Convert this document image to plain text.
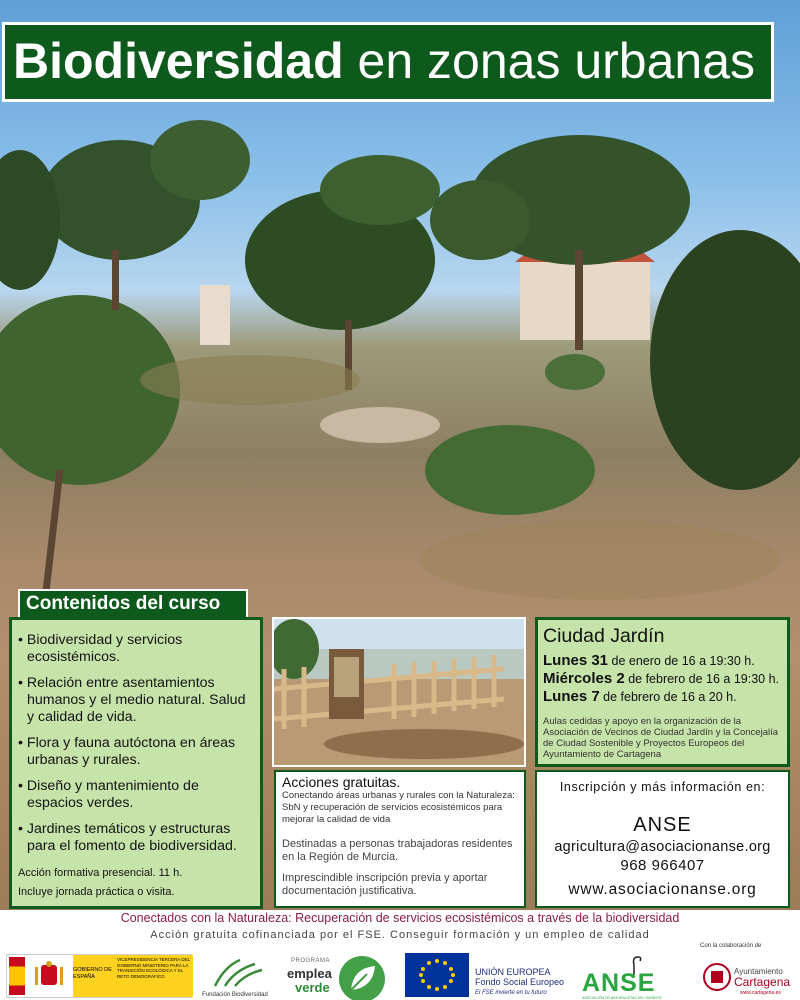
Biodiversidad en zonas urbanas
Contenidos del curso
• Biodiversidad y servicios ecosistémicos.
• Relación entre asentamientos humanos y el medio natural. Salud y calidad de vida.
• Flora y fauna autóctona en áreas urbanas y rurales.
• Diseño y mantenimiento de espacios verdes.
• Jardines temáticos y estructuras para el fomento de biodiversidad.
Acción formativa presencial. 11 h.
Incluye jornada práctica o visita.
Acciones gratuitas.
Conectando áreas urbanas y rurales con la Naturaleza: SbN y recuperación de servicios ecosistémicos para mejorar la calidad de vida
Destinadas a personas trabajadoras residentes en la Región de Murcia.
Imprescindible inscripción previa y aportar documentación justificativa.
Ciudad Jardín
Lunes 31 de enero de 16 a 19:30 h.
Miércoles 2 de febrero de 16 a 19:30 h.
Lunes 7 de febrero de 16 a 20 h.
Aulas cedidas y apoyo en la organización de la Asociación de Vecinos de Ciudad Jardín y la Concejalía de Ciudad Sostenible y Proyectos Europeos del Ayuntamiento de Cartagena
Inscripción y más información en:
ANSE
agricultura@asociacionanse.org
968 966407
www.asociacionanse.org
Conectados con la Naturaleza: Recuperación de servicios ecosistémicos a través de la biodiversidad
Acción gratuita cofinanciada por el FSE. Conseguir formación y un empleo de calidad
Con la colaboración de
GOBIERNO DE ESPAÑA
VICEPRESIDENCIA TERCERA DEL GOBIERNO MINISTERIO PARA LA TRANSICIÓN ECOLÓGICA Y EL RETO DEMOGRÁFICO
Fundación Biodiversidad
PROGRAMA
emplea
verde
UNIÓN EUROPEA
Fondo Social Europeo
El FSE invierte en tu futuro ANSE
ASOCIACIÓN DE NATURALISTAS DEL SURESTE
Ayuntamiento
Cartagena
www.cartagena.es
